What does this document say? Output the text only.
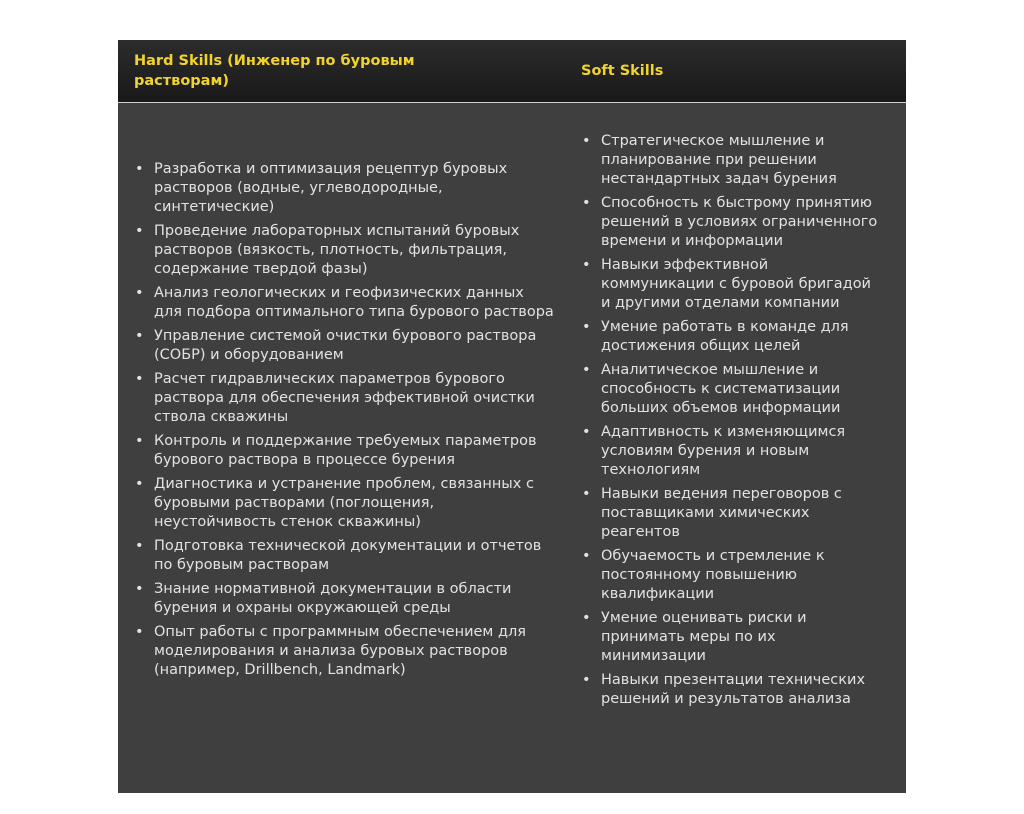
Hard Skills (Инженер по буровым растворам)
Soft Skills
• Разработка и оптимизация рецептур буровых растворов (водные, углеводородные, синтетические)
• Проведение лабораторных испытаний буровых растворов (вязкость, плотность, фильтрация, содержание твердой фазы)
• Анализ геологических и геофизических данных для подбора оптимального типа бурового раствора
• Управление системой очистки бурового раствора (СОБР) и оборудованием
• Расчет гидравлических параметров бурового раствора для обеспечения эффективной очистки ствола скважины
• Контроль и поддержание требуемых параметров бурового раствора в процессе бурения
• Диагностика и устранение проблем, связанных с буровыми растворами (поглощения, неустойчивость стенок скважины)
• Подготовка технической документации и отчетов по буровым растворам
• Знание нормативной документации в области бурения и охраны окружающей среды
• Опыт работы с программным обеспечением для моделирования и анализа буровых растворов (например, Drillbench, Landmark)
• Стратегическое мышление и планирование при решении нестандартных задач бурения
• Способность к быстрому принятию решений в условиях ограниченного времени и информации
• Навыки эффективной коммуникации с буровой бригадой и другими отделами компании
• Умение работать в команде для достижения общих целей
• Аналитическое мышление и способность к систематизации больших объемов информации
• Адаптивность к изменяющимся условиям бурения и новым технологиям
• Навыки ведения переговоров с поставщиками химических реагентов
• Обучаемость и стремление к постоянному повышению квалификации
• Умение оценивать риски и принимать меры по их минимизации
• Навыки презентации технических решений и результатов анализа
